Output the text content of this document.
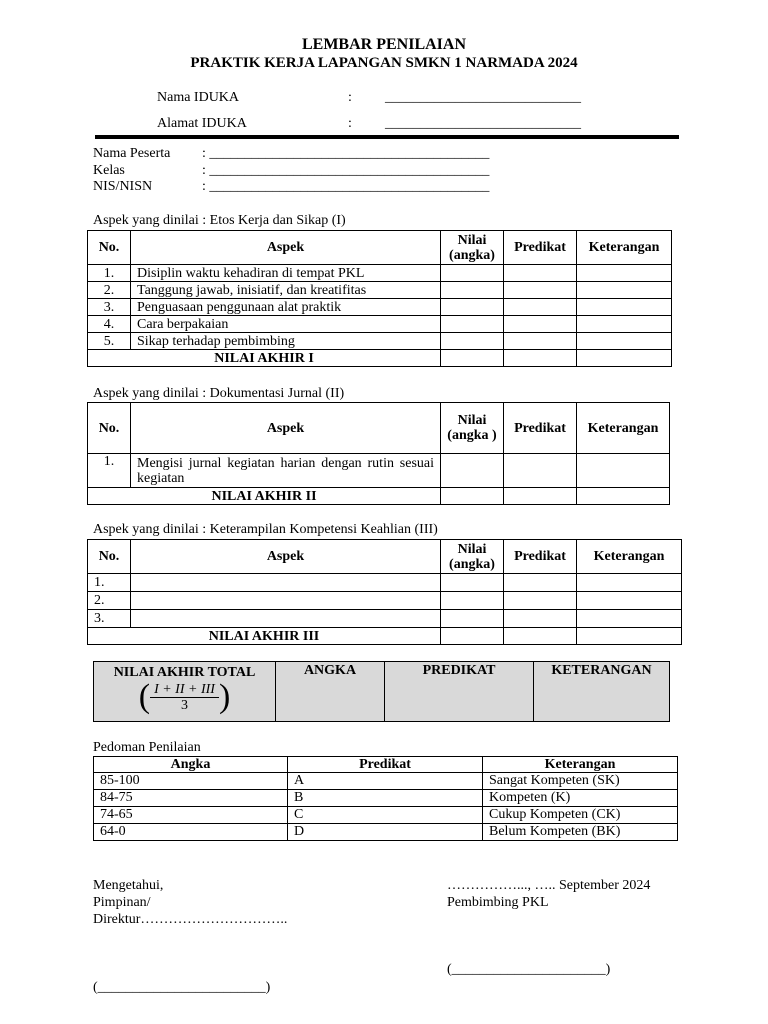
LEMBAR PENILAIAN
PRAKTIK KERJA LAPANGAN SMKN 1 NARMADA 2024
Nama IDUKA	: ____________________________
Alamat IDUKA	: ____________________________
Nama Peserta : ________________________________________
Kelas	: ________________________________________
NIS/NISN	: ________________________________________
Aspek yang dinilai : Etos Kerja dan Sikap (I)
No.	Aspek	Nilai (angka)	Predikat	Keterangan
1.	Disiplin waktu kehadiran di tempat PKL			
2.	Tanggung jawab, inisiatif, dan kreatifitas			
3.	Penguasaan penggunaan alat praktik			
4.	Cara berpakaian			
5.	Sikap terhadap pembimbing			
NILAI AKHIR I				
Aspek yang dinilai : Dokumentasi Jurnal (II)
No.	Aspek	Nilai (angka )	Predikat	Keterangan
1.	Mengisi jurnal kegiatan harian dengan rutin sesuai kegiatan			
NILAI AKHIR II				
Aspek yang dinilai : Keterampilan Kompetensi Keahlian (III)
No.	Aspek	Nilai (angka)	Predikat	Keterangan
1.				
2.				
3.				
NILAI AKHIR III				
NILAI AKHIR TOTAL
( $\frac{\text{I + II + III}}{3}$ )
	ANGKA	PREDIKAT	KETERANGAN
Pedoman Penilaian
Angka	Predikat	Keterangan
85-100	A	Sangat Kompeten (SK)
84-75	B	Kompeten (K)
74-65	C	Cukup Kompeten (CK)
64-0	D	Belum Kompeten (BK)
Mengetahui,
Pimpinan/
Direktur…………………………..
(________________________)
……………..., ….. September 2024
Pembimbing PKL
(______________________)
